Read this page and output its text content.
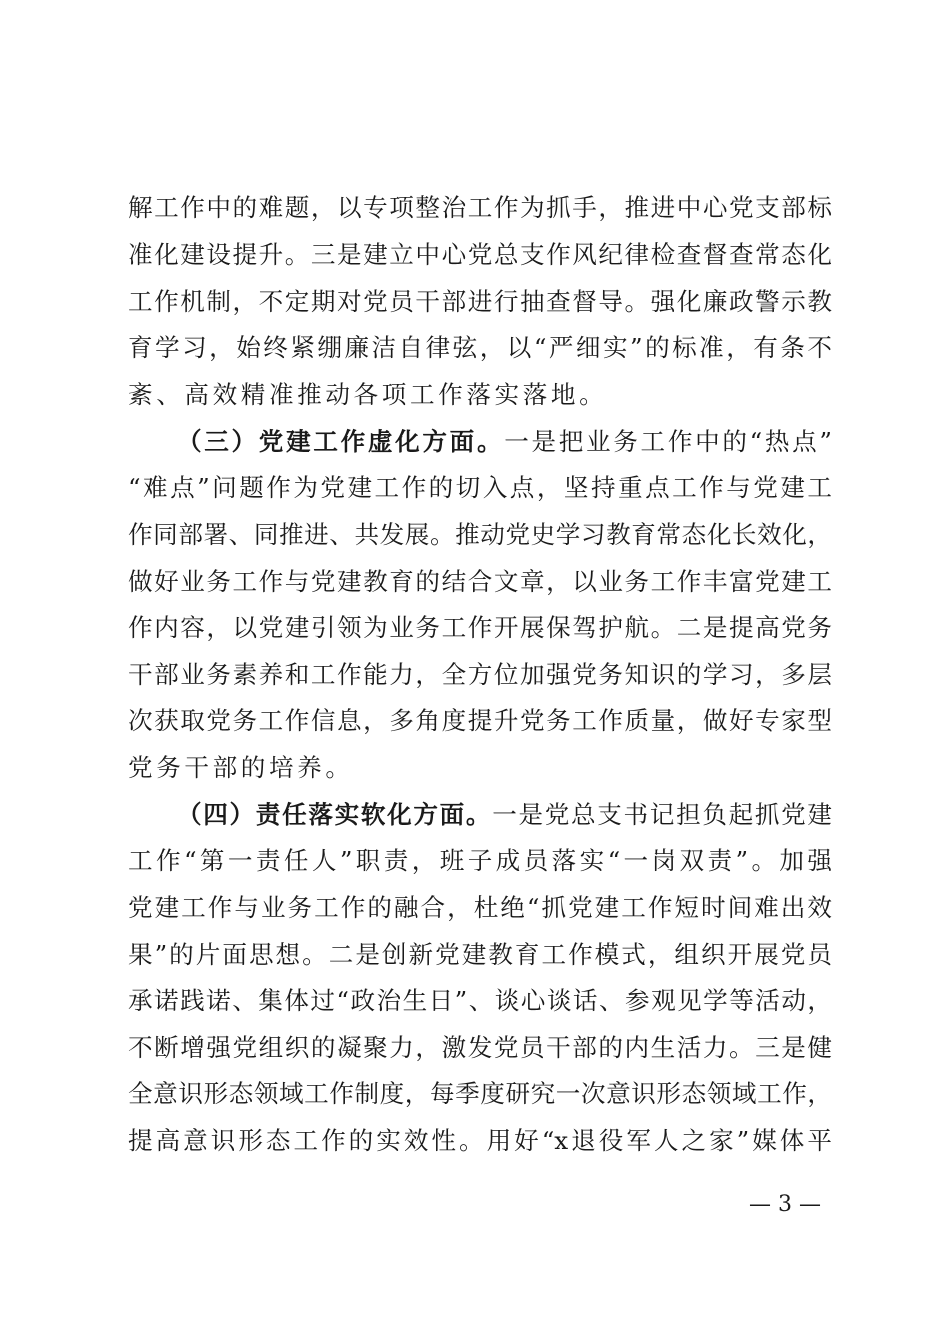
解工作中的难题，以专项整治工作为抓手，推进中心党支部标
准化建设提升。三是建立中心党总支作风纪律检查督查常态化
工作机制，不定期对党员干部进行抽查督导。强化廉政警示教
育学习，始终紧绷廉洁自律弦，以“严细实”的标准，有条不
紊、高效精准推动各项工作落实落地。
（三）党建工作虚化方面。一是把业务工作中的“热点”
“难点”问题作为党建工作的切入点，坚持重点工作与党建工
作同部署、同推进、共发展。推动党史学习教育常态化长效化，
做好业务工作与党建教育的结合文章，以业务工作丰富党建工
作内容，以党建引领为业务工作开展保驾护航。二是提高党务
干部业务素养和工作能力，全方位加强党务知识的学习，多层
次获取党务工作信息，多角度提升党务工作质量，做好专家型
党务干部的培养。
（四）责任落实软化方面。一是党总支书记担负起抓党建
工作“第一责任人”职责，班子成员落实“一岗双责”。加强
党建工作与业务工作的融合，杜绝“抓党建工作短时间难出效
果”的片面思想。二是创新党建教育工作模式，组织开展党员
承诺践诺、集体过“政治生日”、谈心谈话、参观见学等活动，
不断增强党组织的凝聚力，激发党员干部的内生活力。三是健
全意识形态领域工作制度，每季度研究一次意识形态领域工作，
提高意识形态工作的实效性。用好“x退役军人之家”媒体平
— 3 —
